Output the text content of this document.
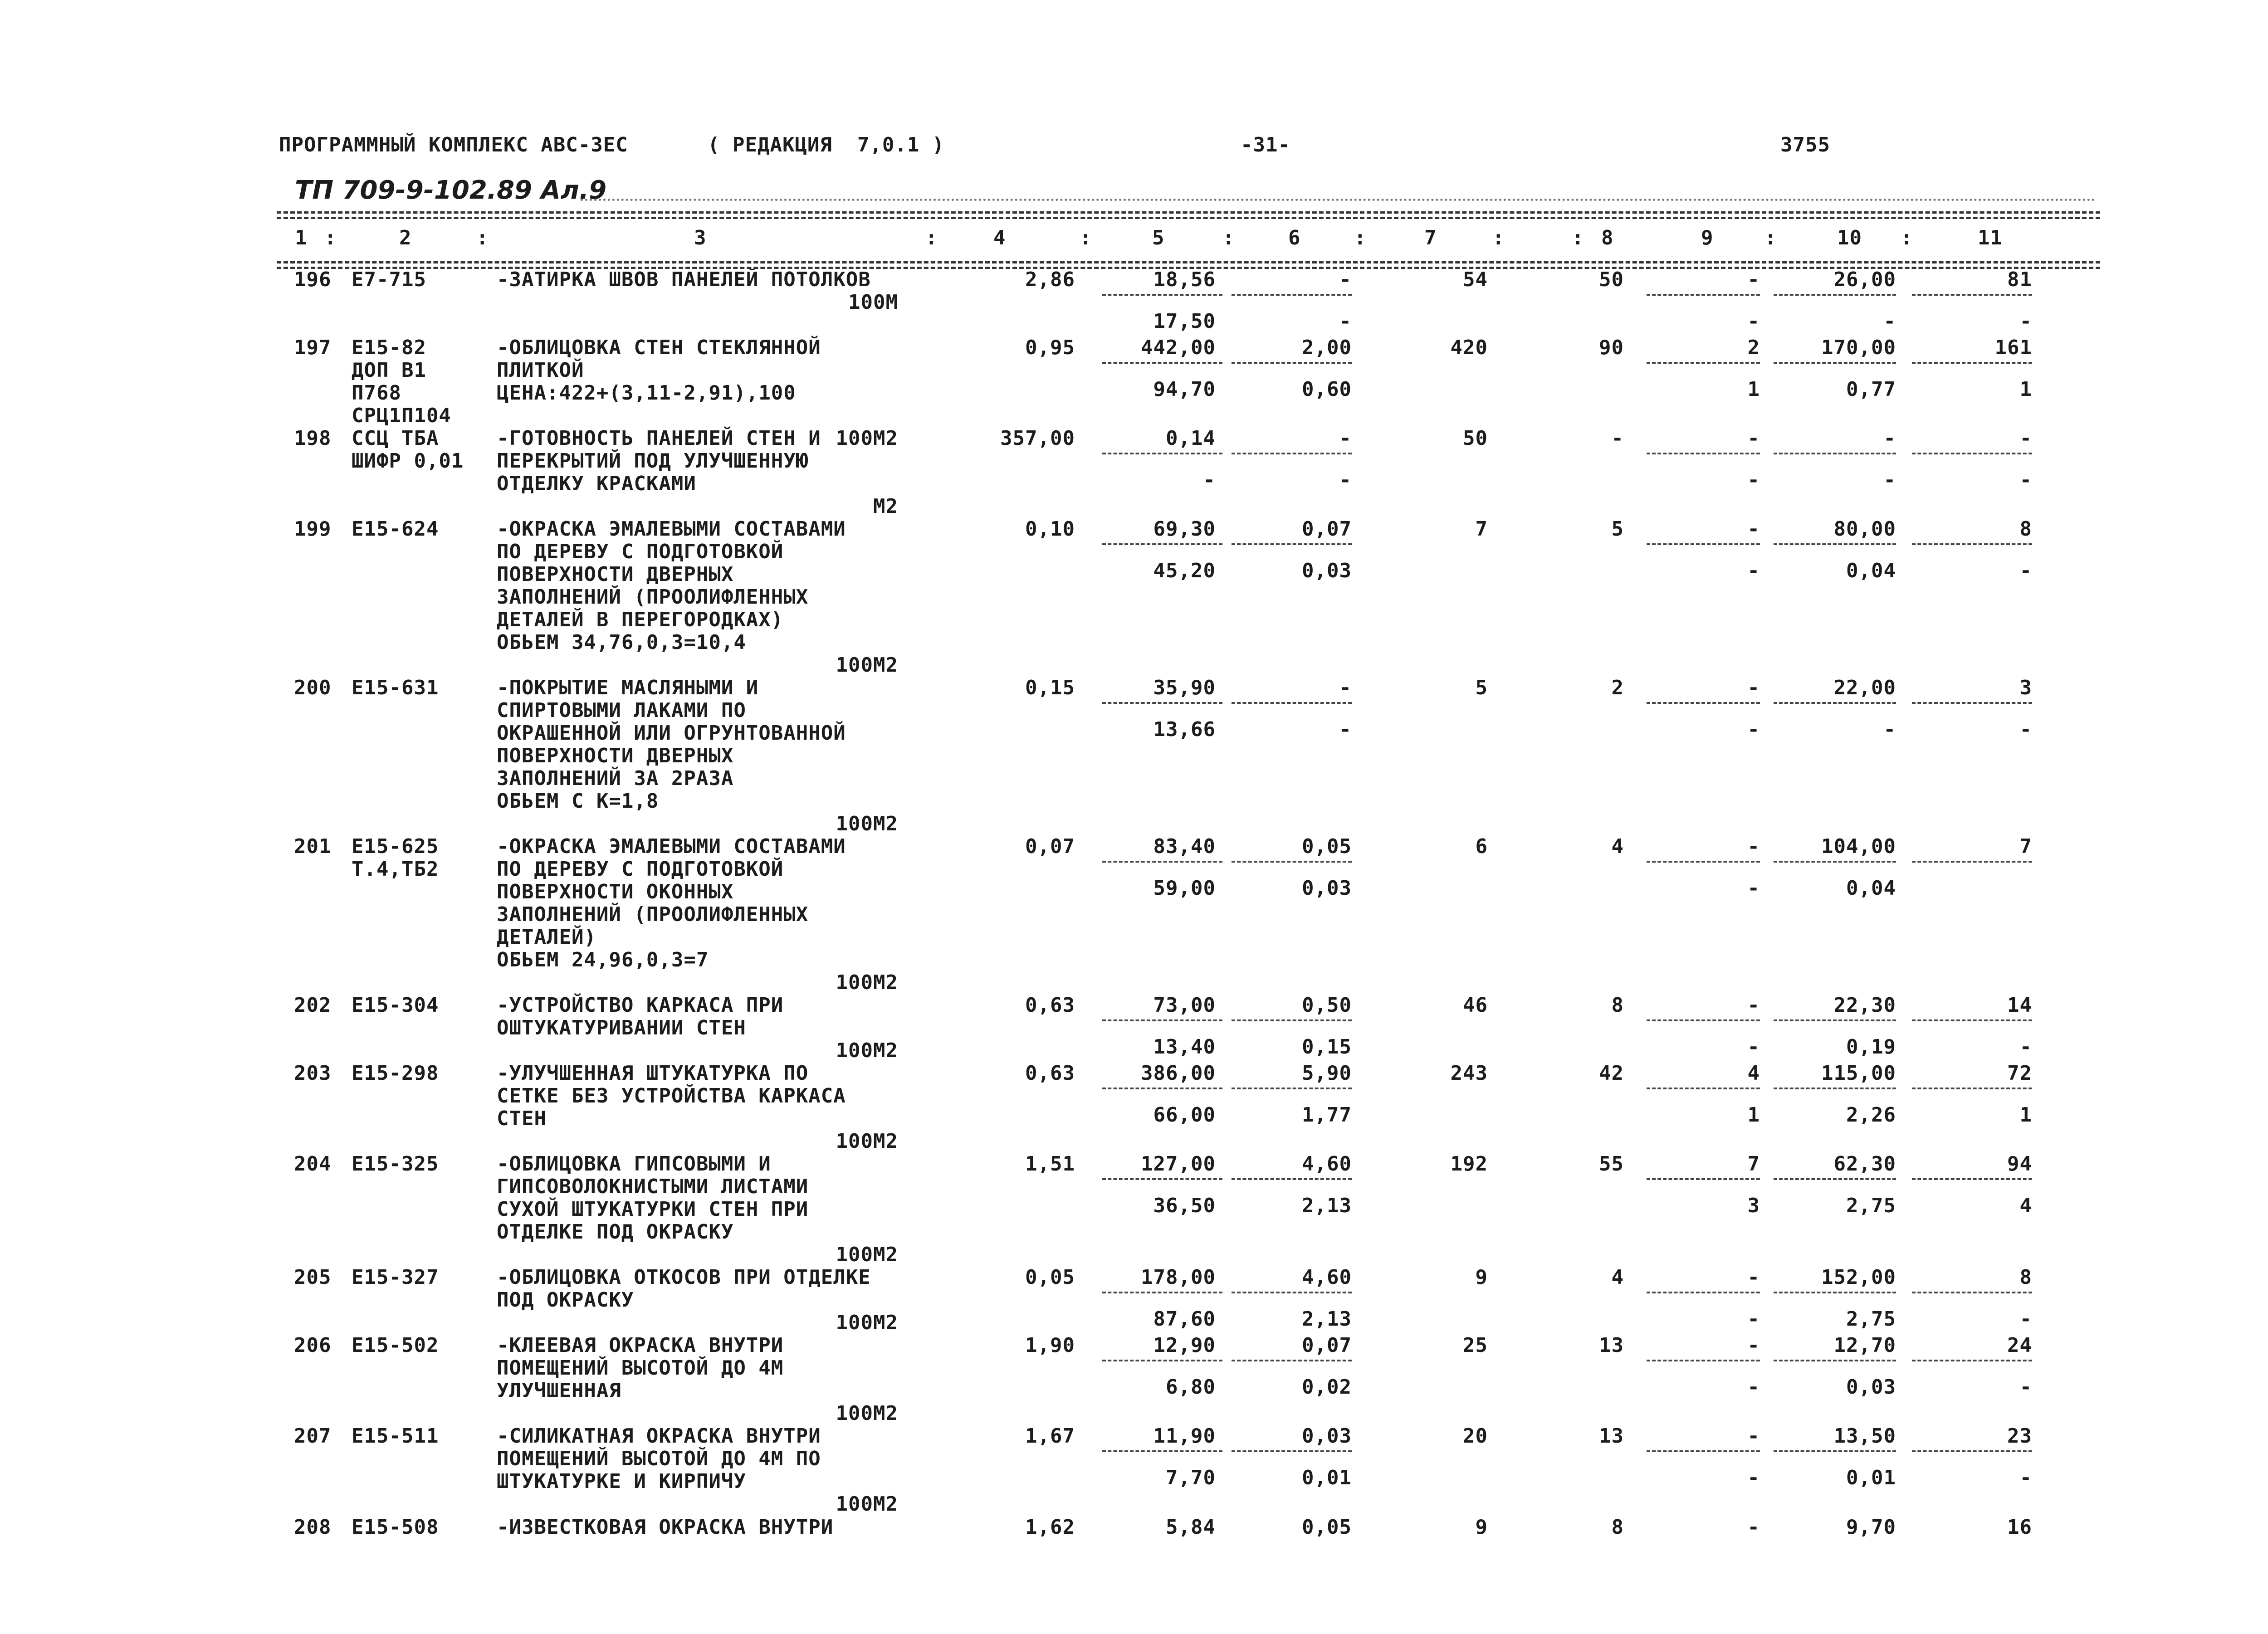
ПРОГРАММНЫЙ КОМПЛЕКС АВС-3ЕС	( РЕДАКЦИЯ  7,0.1 )	-31-	3755
ТП 709-9-102.89 Ал.9
1	2	3	4	5	6	7	8	9	10	11
:	:	:	:	:	:	:	:	:	:
196 Е7-715	-ЗАТИРКА ШВОВ ПАНЕЛЕЙ ПОТОЛКОВ
100М
2,86	18,56	-	54	50	-	26,00	81
17,50	-	-	-	-
197 Е15-82
ДОП В1
П768
СРЦ1П104
-ОБЛИЦОВКА СТЕН СТЕКЛЯННОЙ
ПЛИТКОЙ
ЦЕНА:422+(3,11-2,91),100
100М2
0,95	442,00	2,00	420	90	2	170,00	161
94,70	0,60	1	0,77	1
198 ССЦ ТБА
ШИФР 0,01
-ГОТОВНОСТЬ ПАНЕЛЕЙ СТЕН И
ПЕРЕКРЫТИЙ ПОД УЛУЧШЕННУЮ
ОТДЕЛКУ КРАСКАМИ
М2
357,00	0,14	-	50	-	-	-	-
-	-	-	-	-
199 Е15-624	-ОКРАСКА ЭМАЛЕВЫМИ СОСТАВАМИ
ПО ДЕРЕВУ С ПОДГОТОВКОЙ
ПОВЕРХНОСТИ ДВЕРНЫХ
ЗАПОЛНЕНИЙ (ПРООЛИФЛЕННЫХ
ДЕТАЛЕЙ В ПЕРЕГОРОДКАХ)
ОБЬЕМ 34,76,0,3=10,4
100М2
0,10	69,30	0,07	7	5	-	80,00	8
45,20	0,03	-	0,04	-
200 Е15-631	-ПОКРЫТИЕ МАСЛЯНЫМИ И
СПИРТОВЫМИ ЛАКАМИ ПО
ОКРАШЕННОЙ ИЛИ ОГРУНТОВАННОЙ
ПОВЕРХНОСТИ ДВЕРНЫХ
ЗАПОЛНЕНИЙ ЗА 2РАЗА
ОБЬЕМ С К=1,8
100М2
0,15	35,90	-	5	2	-	22,00	3
13,66	-	-	-	-
201 Е15-625
Т.4,ТБ2
-ОКРАСКА ЭМАЛЕВЫМИ СОСТАВАМИ
ПО ДЕРЕВУ С ПОДГОТОВКОЙ
ПОВЕРХНОСТИ ОКОННЫХ
ЗАПОЛНЕНИЙ (ПРООЛИФЛЕННЫХ
ДЕТАЛЕЙ)
ОБЬЕМ 24,96,0,3=7
100М2
0,07	83,40	0,05	6	4	-	104,00	7
59,00	0,03	-	0,04
202 Е15-304	-УСТРОЙСТВО КАРКАСА ПРИ
ОШТУКАТУРИВАНИИ СТЕН
100М2
0,63	73,00	0,50	46	8	-	22,30	14
13,40	0,15	-	0,19	-
203 Е15-298	-УЛУЧШЕННАЯ ШТУКАТУРКА ПО
СЕТКЕ БЕЗ УСТРОЙСТВА КАРКАСА
СТЕН
100М2
0,63	386,00	5,90	243	42	4	115,00	72
66,00	1,77	1	2,26	1
204 Е15-325	-ОБЛИЦОВКА ГИПСОВЫМИ И
ГИПСОВОЛОКНИСТЫМИ ЛИСТАМИ
СУХОЙ ШТУКАТУРКИ СТЕН ПРИ
ОТДЕЛКЕ ПОД ОКРАСКУ
100М2
1,51	127,00	4,60	192	55	7	62,30	94
36,50	2,13	3	2,75	4
205 Е15-327	-ОБЛИЦОВКА ОТКОСОВ ПРИ ОТДЕЛКЕ
ПОД ОКРАСКУ
100М2
0,05	178,00	4,60	9	4	-	152,00	8
87,60	2,13	-	2,75	-
206 Е15-502	-КЛЕЕВАЯ ОКРАСКА ВНУТРИ
ПОМЕЩЕНИЙ ВЫСОТОЙ ДО 4М
УЛУЧШЕННАЯ
100М2
1,90	12,90	0,07	25	13	-	12,70	24
6,80	0,02	-	0,03	-
207 Е15-511	-СИЛИКАТНАЯ ОКРАСКА ВНУТРИ
ПОМЕЩЕНИЙ ВЫСОТОЙ ДО 4М ПО
ШТУКАТУРКЕ И КИРПИЧУ
100М2
1,67	11,90	0,03	20	13	-	13,50	23
7,70	0,01	-	0,01	-
208 Е15-508	-ИЗВЕСТКОВАЯ ОКРАСКА ВНУТРИ	1,62	5,84	0,05	9	8	-	9,70	16
